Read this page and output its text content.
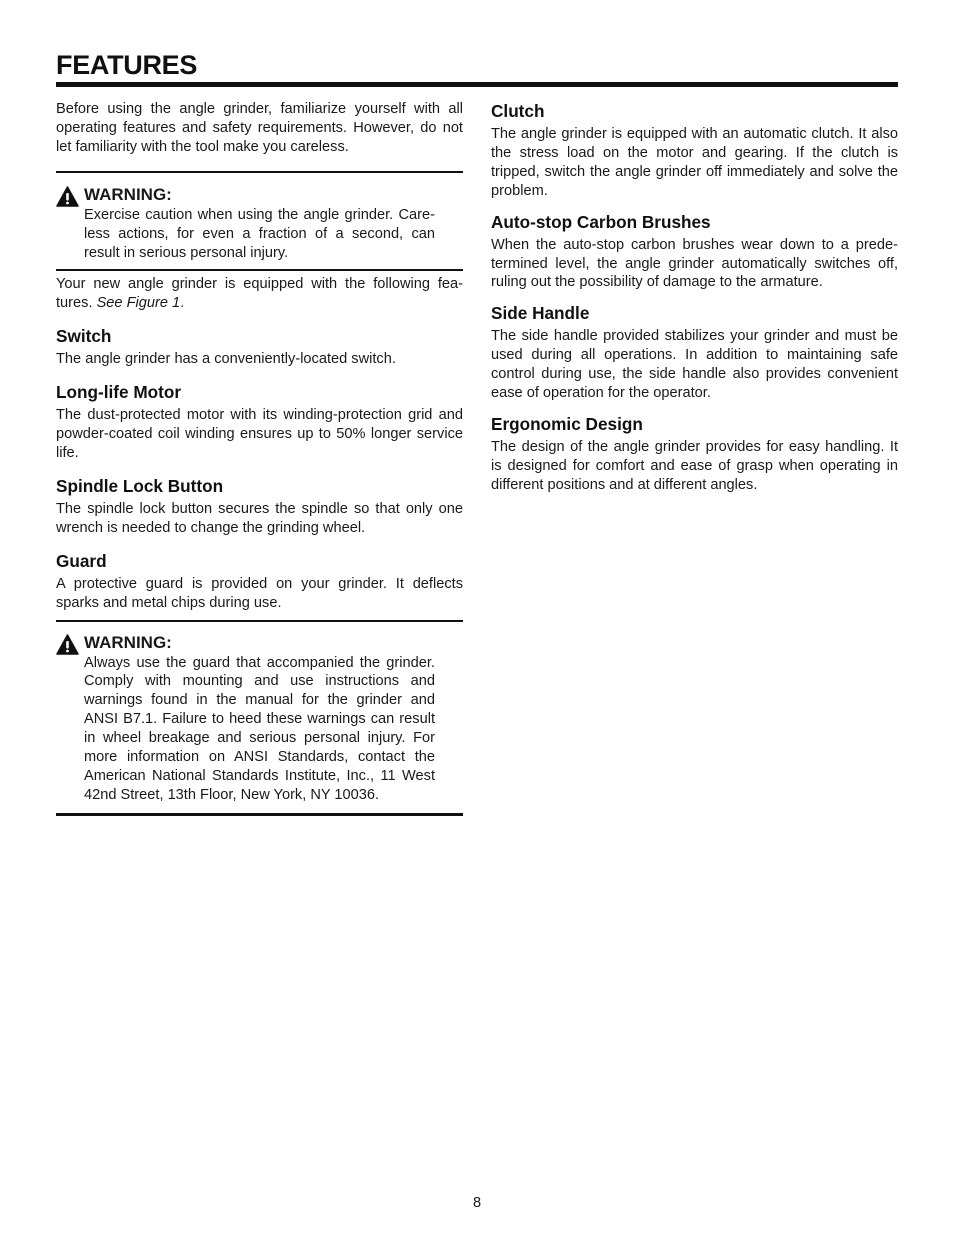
FEATURES

Before using the angle grinder, familiarize yourself with all operating features and safety requirements. However, do not let familiarity with the tool make you careless.

WARNING:

Exercise caution when using the angle grinder. Care-less actions, for even a fraction of a second, can result in serious personal injury.

Your new angle grinder is equipped with the following fea-tures. See Figure 1.

Switch

The angle grinder has a conveniently-located switch.

Long-life Motor

The dust-protected motor with its winding-protection grid and powder-coated coil winding ensures up to 50% longer service life.

Spindle Lock Button

The spindle lock button secures the spindle so that only one wrench is needed to change the grinding wheel.

Guard

A protective guard is provided on your grinder. It deflects sparks and metal chips during use.

WARNING:

Always use the guard that accompanied the grinder. Comply with mounting and use instructions and warnings found in the manual for the grinder and ANSI B7.1. Failure to heed these warnings can result in wheel breakage and serious personal injury. For more information on ANSI Standards, contact the American National Standards Institute, Inc., 11 West 42nd Street, 13th Floor, New York, NY 10036.

Clutch

The angle grinder is equipped with an automatic clutch. It also the stress load on the motor and gearing. If the clutch is tripped, switch the angle grinder off immediately and solve the problem.

Auto-stop Carbon Brushes

When the auto-stop carbon brushes wear down to a prede-termined level, the angle grinder automatically switches off, ruling out the possibility of damage to the armature.

Side Handle

The side handle provided stabilizes your grinder and must be used during all operations. In addition to maintaining safe control during use, the side handle also provides convenient ease of operation for the operator.

Ergonomic Design

The design of the angle grinder provides for easy handling. It is designed for comfort and ease of grasp when operating in different positions and at different angles.

8
